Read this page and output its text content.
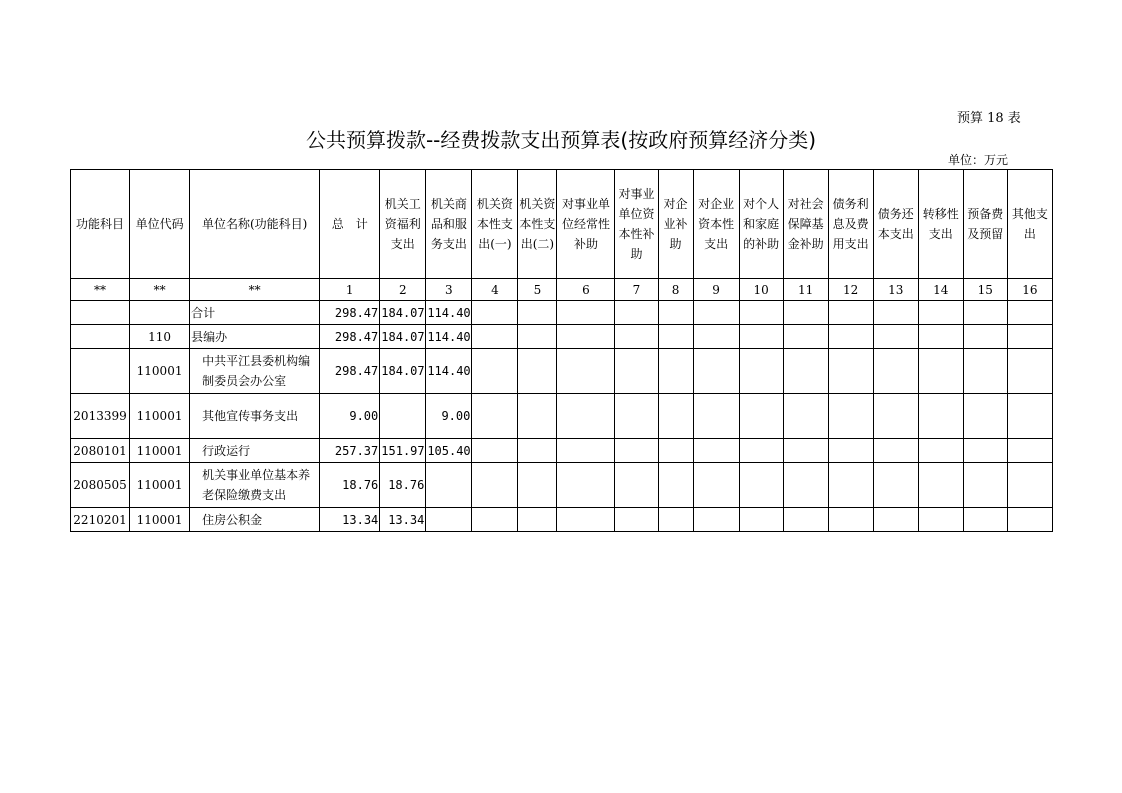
预算 18 表
公共预算拨款--经费拨款支出预算表(按政府预算经济分类)
单位：万元
功能科目	单位代码	单位名称(功能科目)	总　计	机关工资福利支出	机关商品和服务支出	机关资本性支出(一)	机关资本性支出(二)	对事业单位经常性补助	对事业单位资本性补助	对企业补助	对企业资本性支出	对个人和家庭的补助	对社会保障基金补助	债务利息及费用支出	债务还本支出	转移性支出	预备费及预留	其他支出
**	**	**	1	2	3	4	5	6	7	8	9	10	11	12	13	14	15	16
		合计	298.47	184.07	114.40													
	110	县编办	298.47	184.07	114.40													
	110001	中共平江县委机构编制委员会办公室	298.47	184.07	114.40													
2013399	110001	其他宣传事务支出	9.00		9.00													
2080101	110001	行政运行	257.37	151.97	105.40													
2080505	110001	机关事业单位基本养老保险缴费支出	18.76	18.76														
2210201	110001	住房公积金	13.34	13.34														
